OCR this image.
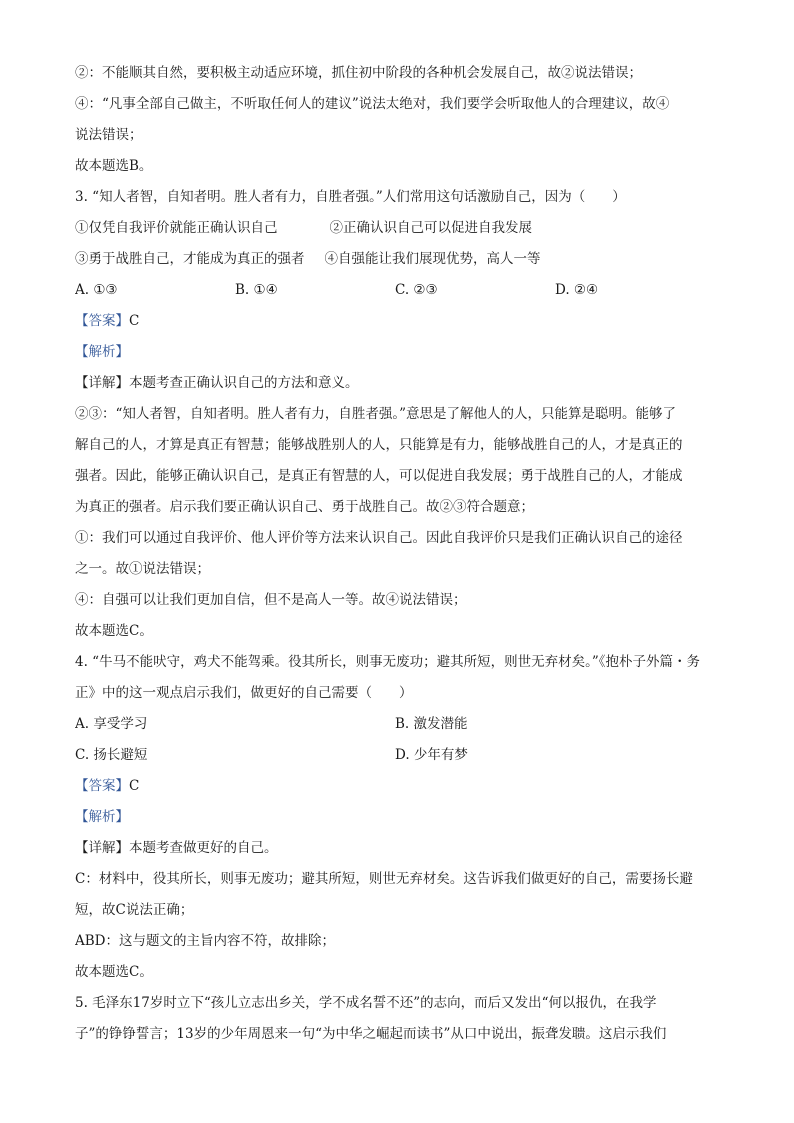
②：不能顺其自然，要积极主动适应环境，抓住初中阶段的各种机会发展自己，故②说法错误；
④：“凡事全部自己做主，不听取任何人的建议”说法太绝对，我们要学会听取他人的合理建议，故④
说法错误；
故本题选B。
3. “知人者智，自知者明。胜人者有力，自胜者强。”人们常用这句话激励自己，因为（　　）
①仅凭自我评价就能正确认识自己	②正确认识自己可以促进自我发展
③勇于战胜自己，才能成为真正的强者 ④自强能让我们展现优势，高人一等
A. ①③	B. ①④	C. ②③	D. ②④
【答案】C
【解析】
【详解】本题考查正确认识自己的方法和意义。
②③：“知人者智，自知者明。胜人者有力，自胜者强。”意思是了解他人的人，只能算是聪明。能够了
解自己的人，才算是真正有智慧；能够战胜别人的人，只能算是有力，能够战胜自己的人，才是真正的
强者。因此，能够正确认识自己，是真正有智慧的人，可以促进自我发展；勇于战胜自己的人，才能成
为真正的强者。启示我们要正确认识自己、勇于战胜自己。故②③符合题意；
①：我们可以通过自我评价、他人评价等方法来认识自己。因此自我评价只是我们正确认识自己的途径
之一。故①说法错误；
④：自强可以让我们更加自信，但不是高人一等。故④说法错误；
故本题选C。
4. “牛马不能吠守，鸡犬不能驾乘。役其所长，则事无废功；避其所短，则世无弃材矣。”《抱朴子外篇・务
正》中的这一观点启示我们，做更好的自己需要（　　）
A. 享受学习	B. 激发潜能
C. 扬长避短	D. 少年有梦
【答案】C
【解析】
【详解】本题考查做更好的自己。
C：材料中，役其所长，则事无废功；避其所短，则世无弃材矣。这告诉我们做更好的自己，需要扬长避
短，故C说法正确；
ABD：这与题文的主旨内容不符，故排除；
故本题选C。
5. 毛泽东17岁时立下“孩儿立志出乡关，学不成名誓不还”的志向，而后又发出“何以报仇，在我学
子”的铮铮誓言；13岁的少年周恩来一句“为中华之崛起而读书”从口中说出，振聋发聩。这启示我们
